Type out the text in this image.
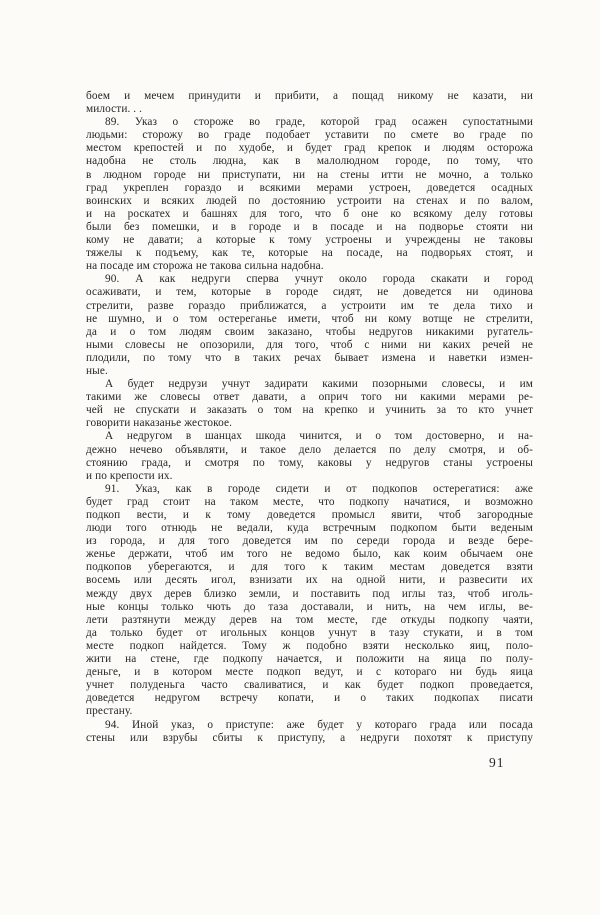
боем и мечем принудити и прибити, а пощад никому не казати, ни
милости. . .
89. Указ о стороже во граде, которой град осажен супостатными
людьми: сторожу во граде подобает уставити по смете во граде по
местом крепостей и по худобе, и будет град крепок и людям осторожа
надобна не столь людна, как в малолюдном городе, по тому, что
в людном городе ни приступати, ни на стены итти не мочно, а только
град укреплен гораздо и всякими мерами устроен, доведется осадных
воинских и всяких людей по достоянию устроити на стенах и по валом,
и на роскатех и башнях для того, что б оне ко всякому делу готовы
были без помешки, и в городе и в посаде и на подворье стояти ни
кому не давати; а которые к тому устроены и учреждены не таковы
тяжелы к подъему, как те, которые на посаде, на подворьях стоят, и
на посаде им сторожа не такова сильна надобна.
90. А как недруги сперва учнут около города скакати и город
осаживати, и тем, которые в городе сидят, не доведется ни одинова
стрелити, разве гораздо приближатся, а устроити им те дела тихо и
не шумно, и о том остереганье имети, чтоб ни кому вотще не стрелити,
да и о том людям своим заказано, чтобы недругов никакими ругатель-
ными словесы не опозорили, для того, чтоб с ними ни каких речей не
плодили, по тому что в таких речах бывает измена и наветки измен-
ные.
А будет недрузи учнут задирати какими позорными словесы, и им
такими же словесы ответ давати, а оприч того ни какими мерами ре-
чей не спускати и заказать о том на крепко и учинить за то кто учнет
говорити наказанье жестокое.
А недругом в шанцах шкода чинится, и о том достоверно, и на-
дежно нечево объявляти, и такое дело делается по делу смотря, и об-
стоянию града, и смотря по тому, каковы у недругов станы устроены
и по крепости их.
91. Указ, как в городе сидети и от подкопов остерегатися: аже
будет град стоит на таком месте, что подкопу начатися, и возможно
подкоп вести, и к тому доведется промысл явити, чтоб загородные
люди того отнюдь не ведали, куда встречным подкопом быти веденым
из города, и для того доведется им по середи города и везде бере-
женье держати, чтоб им того не ведомо было, как коим обычаем оне
подкопов уберегаются, и для того к таким местам доведется взяти
восемь или десять игол, взнизати их на одной нити, и развесити их
между двух дерев близко земли, и поставить под иглы таз, чтоб иголь-
ные концы только чють до таза доставали, и нить, на чем иглы, ве-
лети разтянути между дерев на том месте, где откуды подкопу чаяти,
да только будет от игольных концов учнут в тазу стукати, и в том
месте подкоп найдется. Тому ж подобно взяти несколько яиц, поло-
жити на стене, где подкопу начается, и положити на яица по полу-
деньге, и в котором месте подкоп ведут, и с котораго ни будь яица
учнет полуденьга часто сваливатися, и как будет подкоп проведается,
доведется недругом встречу копати, и о таких подкопах писати
престану.
94. Иной указ, о приступе: аже будет у котораго града или посада
стены или взрубы сбиты к приступу, а недруги похотят к приступу
91
